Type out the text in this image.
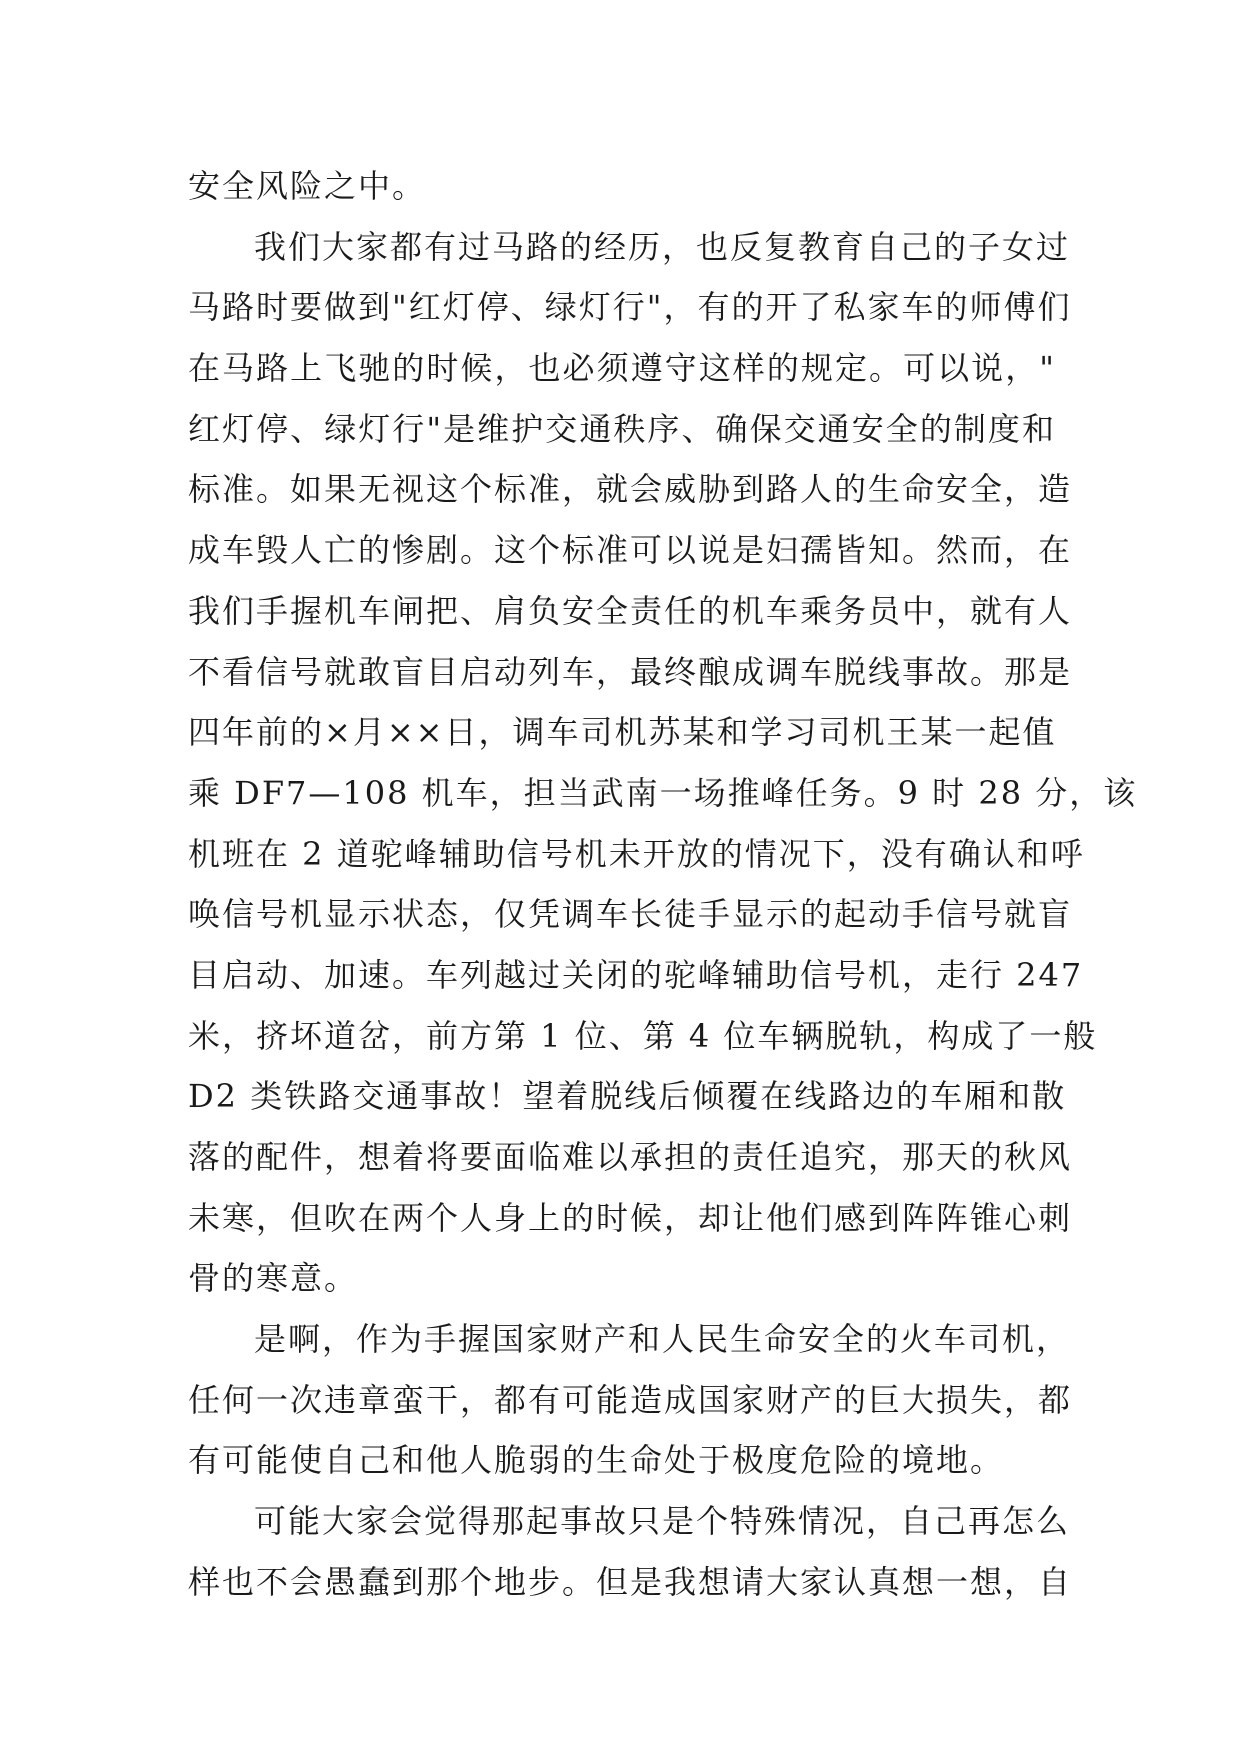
安全风险之中。
我们大家都有过马路的经历，也反复教育自己的子女过
马路时要做到"红灯停、绿灯行"，有的开了私家车的师傅们
在马路上飞驰的时候，也必须遵守这样的规定。可以说，"
红灯停、绿灯行"是维护交通秩序、确保交通安全的制度和
标准。如果无视这个标准，就会威胁到路人的生命安全，造
成车毁人亡的惨剧。这个标准可以说是妇孺皆知。然而，在
我们手握机车闸把、肩负安全责任的机车乘务员中，就有人
不看信号就敢盲目启动列车，最终酿成调车脱线事故。那是
四年前的×月××日，调车司机苏某和学习司机王某一起值
乘 DF7—108 机车，担当武南一场推峰任务。9 时 28 分，该
机班在 2 道驼峰辅助信号机未开放的情况下，没有确认和呼
唤信号机显示状态，仅凭调车长徒手显示的起动手信号就盲
目启动、加速。车列越过关闭的驼峰辅助信号机，走行 247
米，挤坏道岔，前方第 1 位、第 4 位车辆脱轨，构成了一般
D2 类铁路交通事故！望着脱线后倾覆在线路边的车厢和散
落的配件，想着将要面临难以承担的责任追究，那天的秋风
未寒，但吹在两个人身上的时候，却让他们感到阵阵锥心刺
骨的寒意。
是啊，作为手握国家财产和人民生命安全的火车司机，
任何一次违章蛮干，都有可能造成国家财产的巨大损失，都
有可能使自己和他人脆弱的生命处于极度危险的境地。
可能大家会觉得那起事故只是个特殊情况，自己再怎么
样也不会愚蠢到那个地步。但是我想请大家认真想一想，自
